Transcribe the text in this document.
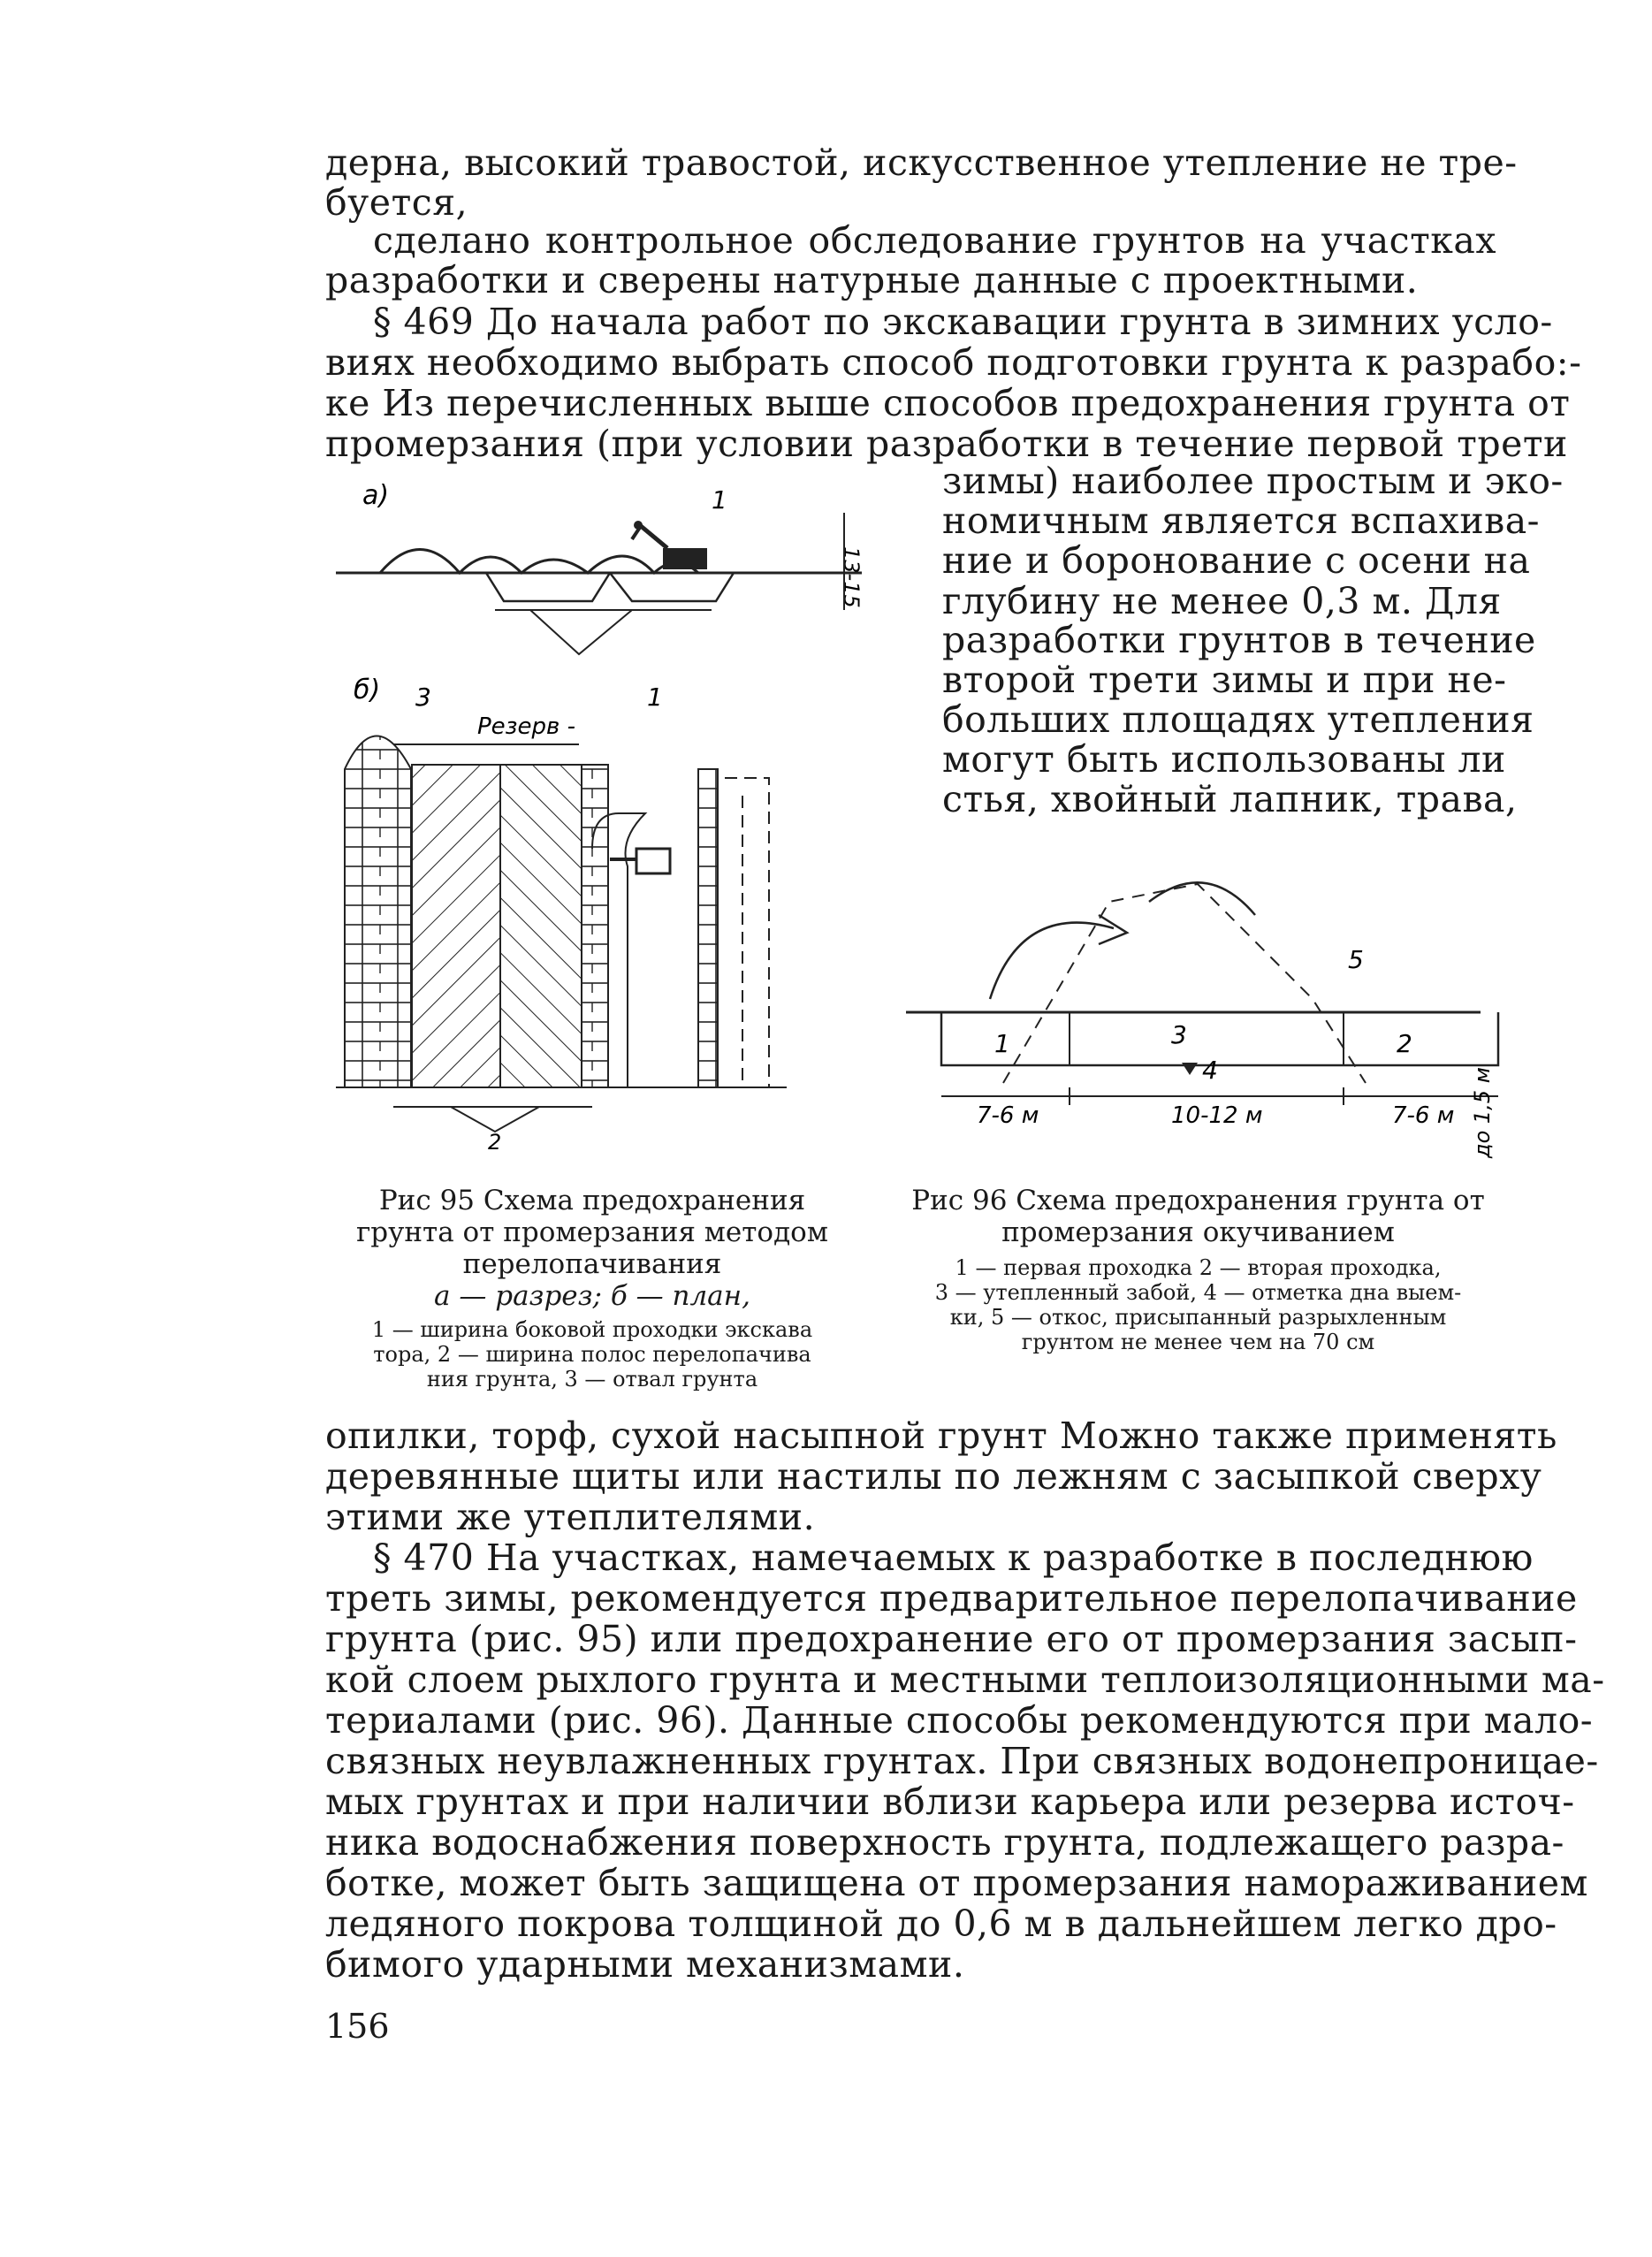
дерна, высокий травостой, искусственное утепление не тре-
буется,
сделано контрольное обследование грунтов на участках
разработки и сверены натурные данные с проектными.
§ 469 До начала работ по экскавации грунта в зимних усло-
виях необходимо выбрать способ подготовки грунта к разрабо:-
ке Из перечисленных выше способов предохранения грунта от
промерзания (при условии разработки в течение первой трети
зимы) наиболее простым и эко-
номичным является вспахива-
ние и боронование с осени на
глубину не менее 0,3 м. Для
разработки грунтов в течение
второй трети зимы и при не-
больших площадях утепления
могут быть использованы ли
стья, хвойный лапник, трава,
а)	1
13-15
б) 3	1
Резерв -
2
5
1	3
4
2
7-6 м	10-12 м	7-6 м до 1,5 м
Рис 95 Схема предохранения
грунта от промерзания методом
перелопачивания
а — разрез; б — план,
1 — ширина боковой проходки экскава
тора, 2 — ширина полос перелопачива
ния грунта, 3 — отвал грунта
Рис 96 Схема предохранения грунта от
промерзания окучиванием
1 — первая проходка 2 — вторая проходка,
3 — утепленный забой, 4 — отметка дна выем-
ки, 5 — откос, присыпанный разрыхленным
грунтом не менее чем на 70 см
опилки, торф, сухой насыпной грунт Можно также применять
деревянные щиты или настилы по лежням с засыпкой сверху
этими же утеплителями.
§ 470 На участках, намечаемых к разработке в последнюю
треть зимы, рекомендуется предварительное перелопачивание
грунта (рис. 95) или предохранение его от промерзания засып-
кой слоем рыхлого грунта и местными теплоизоляционными ма-
териалами (рис. 96). Данные способы рекомендуются при мало-
связных неувлажненных грунтах. При связных водонепроницае-
мых грунтах и при наличии вблизи карьера или резерва источ-
ника водоснабжения поверхность грунта, подлежащего разра-
ботке, может быть защищена от промерзания намораживанием
ледяного покрова толщиной до 0,6 м в дальнейшем легко дро-
бимого ударными механизмами.
156
